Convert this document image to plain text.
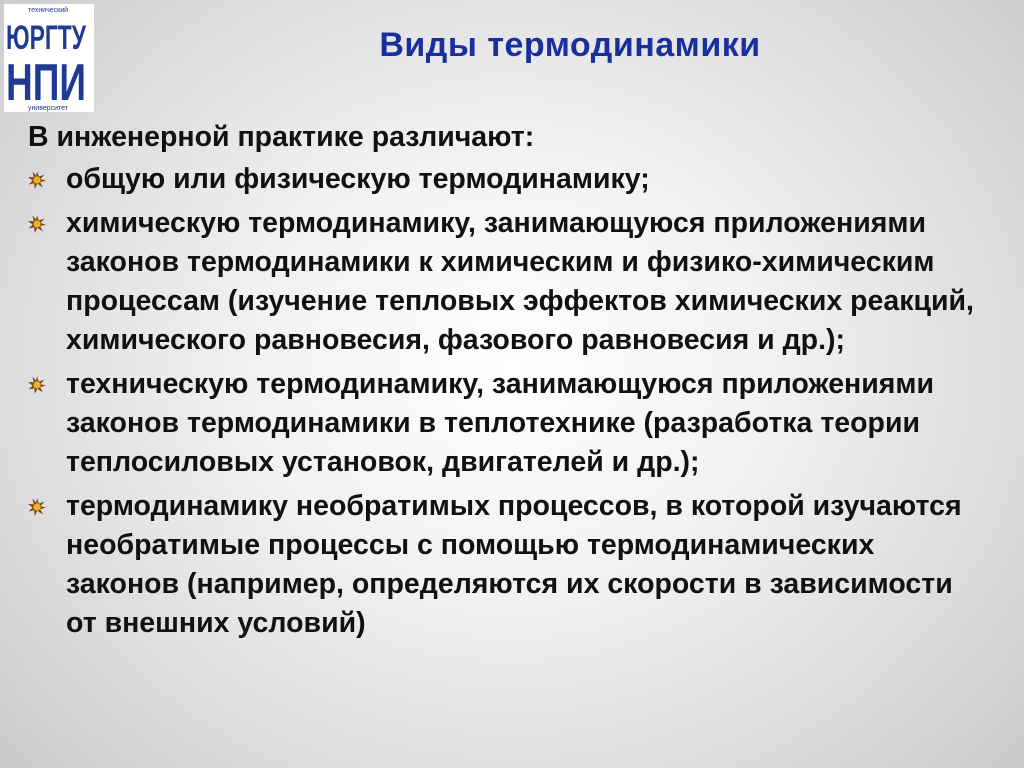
технический
ЮРГТУ
НПИ
университет
Виды термодинамики

В инженерной практике различают:

общую или физическую термодинамику;
химическую термодинамику, занимающуюся приложениями законов термодинамики к химическим и физико-химическим процессам (изучение тепловых эффектов химических реакций, химического равновесия, фазового равновесия и др.);
техническую термодинамику, занимающуюся приложениями законов термодинамики в теплотехнике (разработка теории теплосиловых установок, двигателей и др.);
термодинамику необратимых процессов, в которой изучаются необратимые процессы с помощью термодинамических законов (например, определяются их скорости в зависимости от внешних условий)
